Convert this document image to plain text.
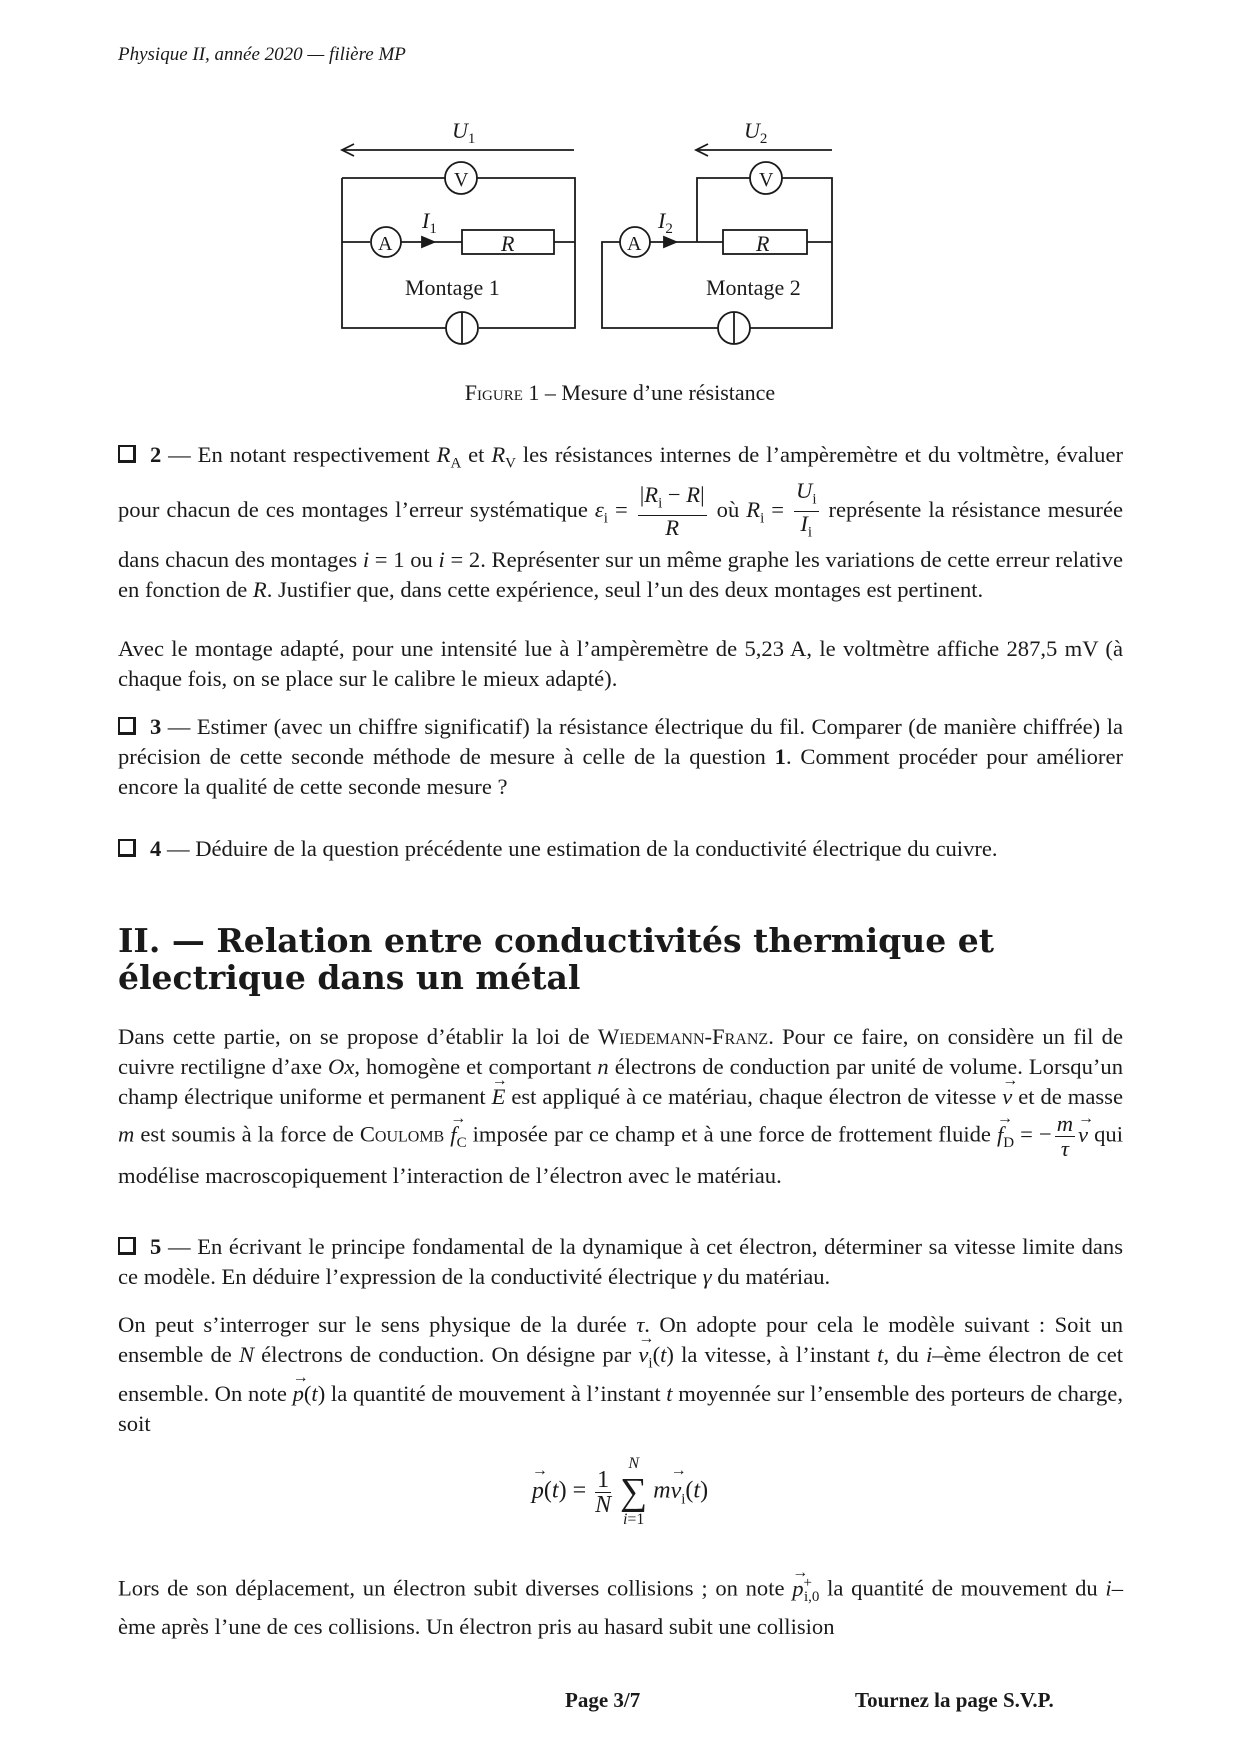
Physique II, année 2020 — filière MP
$U_1$
V
A
$I_1$
R
Montage 1
$U_2$
V
A
$I_2$
R
Montage 2
Figure 1 – Mesure d’une résistance

2 — En notant respectivement $R_A$ et $R_V$ les résistances internes de l’ampèremètre et du voltmètre, évaluer pour chacun de ces montages l’erreur systématique $\varepsilon_i = \frac{|R_i - R|}{R}$ où $R_i = \frac{U_i}{I_i}$ représente la résistance mesurée dans chacun des montages i = 1 ou i = 2. Représenter sur un même graphe les variations de cette erreur relative en fonction de R. Justifier que, dans cette expérience, seul l’un des deux montages est pertinent.

Avec le montage adapté, pour une intensité lue à l’ampèremètre de 5,23 A, le voltmètre affiche 287,5 mV (à chaque fois, on se place sur le calibre le mieux adapté).

3 — Estimer (avec un chiffre significatif) la résistance électrique du fil. Comparer (de manière chiffrée) la précision de cette seconde méthode de mesure à celle de la question 1. Comment procéder pour améliorer encore la qualité de cette seconde mesure ?

4 — Déduire de la question précédente une estimation de la conductivité électrique du cuivre.

II. — Relation entre conductivités thermique et électrique dans un métal

Dans cette partie, on se propose d’établir la loi de Wiedemann-Franz. Pour ce faire, on considère un fil de cuivre rectiligne d’axe Ox, homogène et comportant n électrons de conduction par unité de volume. Lorsqu’un champ électrique uniforme et permanent → E est appliqué à ce matériau, chaque électron de vitesse → v et de masse m est soumis à la force de Coulomb → $f_C$ imposée par ce champ et à une force de frottement fluide → $f_D$ = − $\frac{m}{\tau}$
→ v qui modélise macroscopiquement l’interaction de l’électron avec le matériau.

5 — En écrivant le principe fondamental de la dynamique à cet électron, déterminer sa vitesse limite dans ce modèle. En déduire l’expression de la conductivité électrique γ du matériau.

On peut s’interroger sur le sens physique de la durée τ. On adopte pour cela le modèle suivant : Soit un ensemble de N électrons de conduction. On désigne par → $v_i(t)$ la vitesse, à l’instant t, du i–ème électron de cet ensemble. On note → p(t) la quantité de mouvement à l’instant t moyennée sur l’ensemble des porteurs de charge, soit

→ $p(t) = \frac{1}{N}$
N
∑
i=1 $m\to v_i(t)$

Lors de son déplacement, un électron subit diverses collisions ; on note → $p^+_{i,0}$ la quantité de mouvement du i–ème après l’une de ces collisions. Un électron pris au hasard subit une collision

Page 3/7	Tournez la page S.V.P.
